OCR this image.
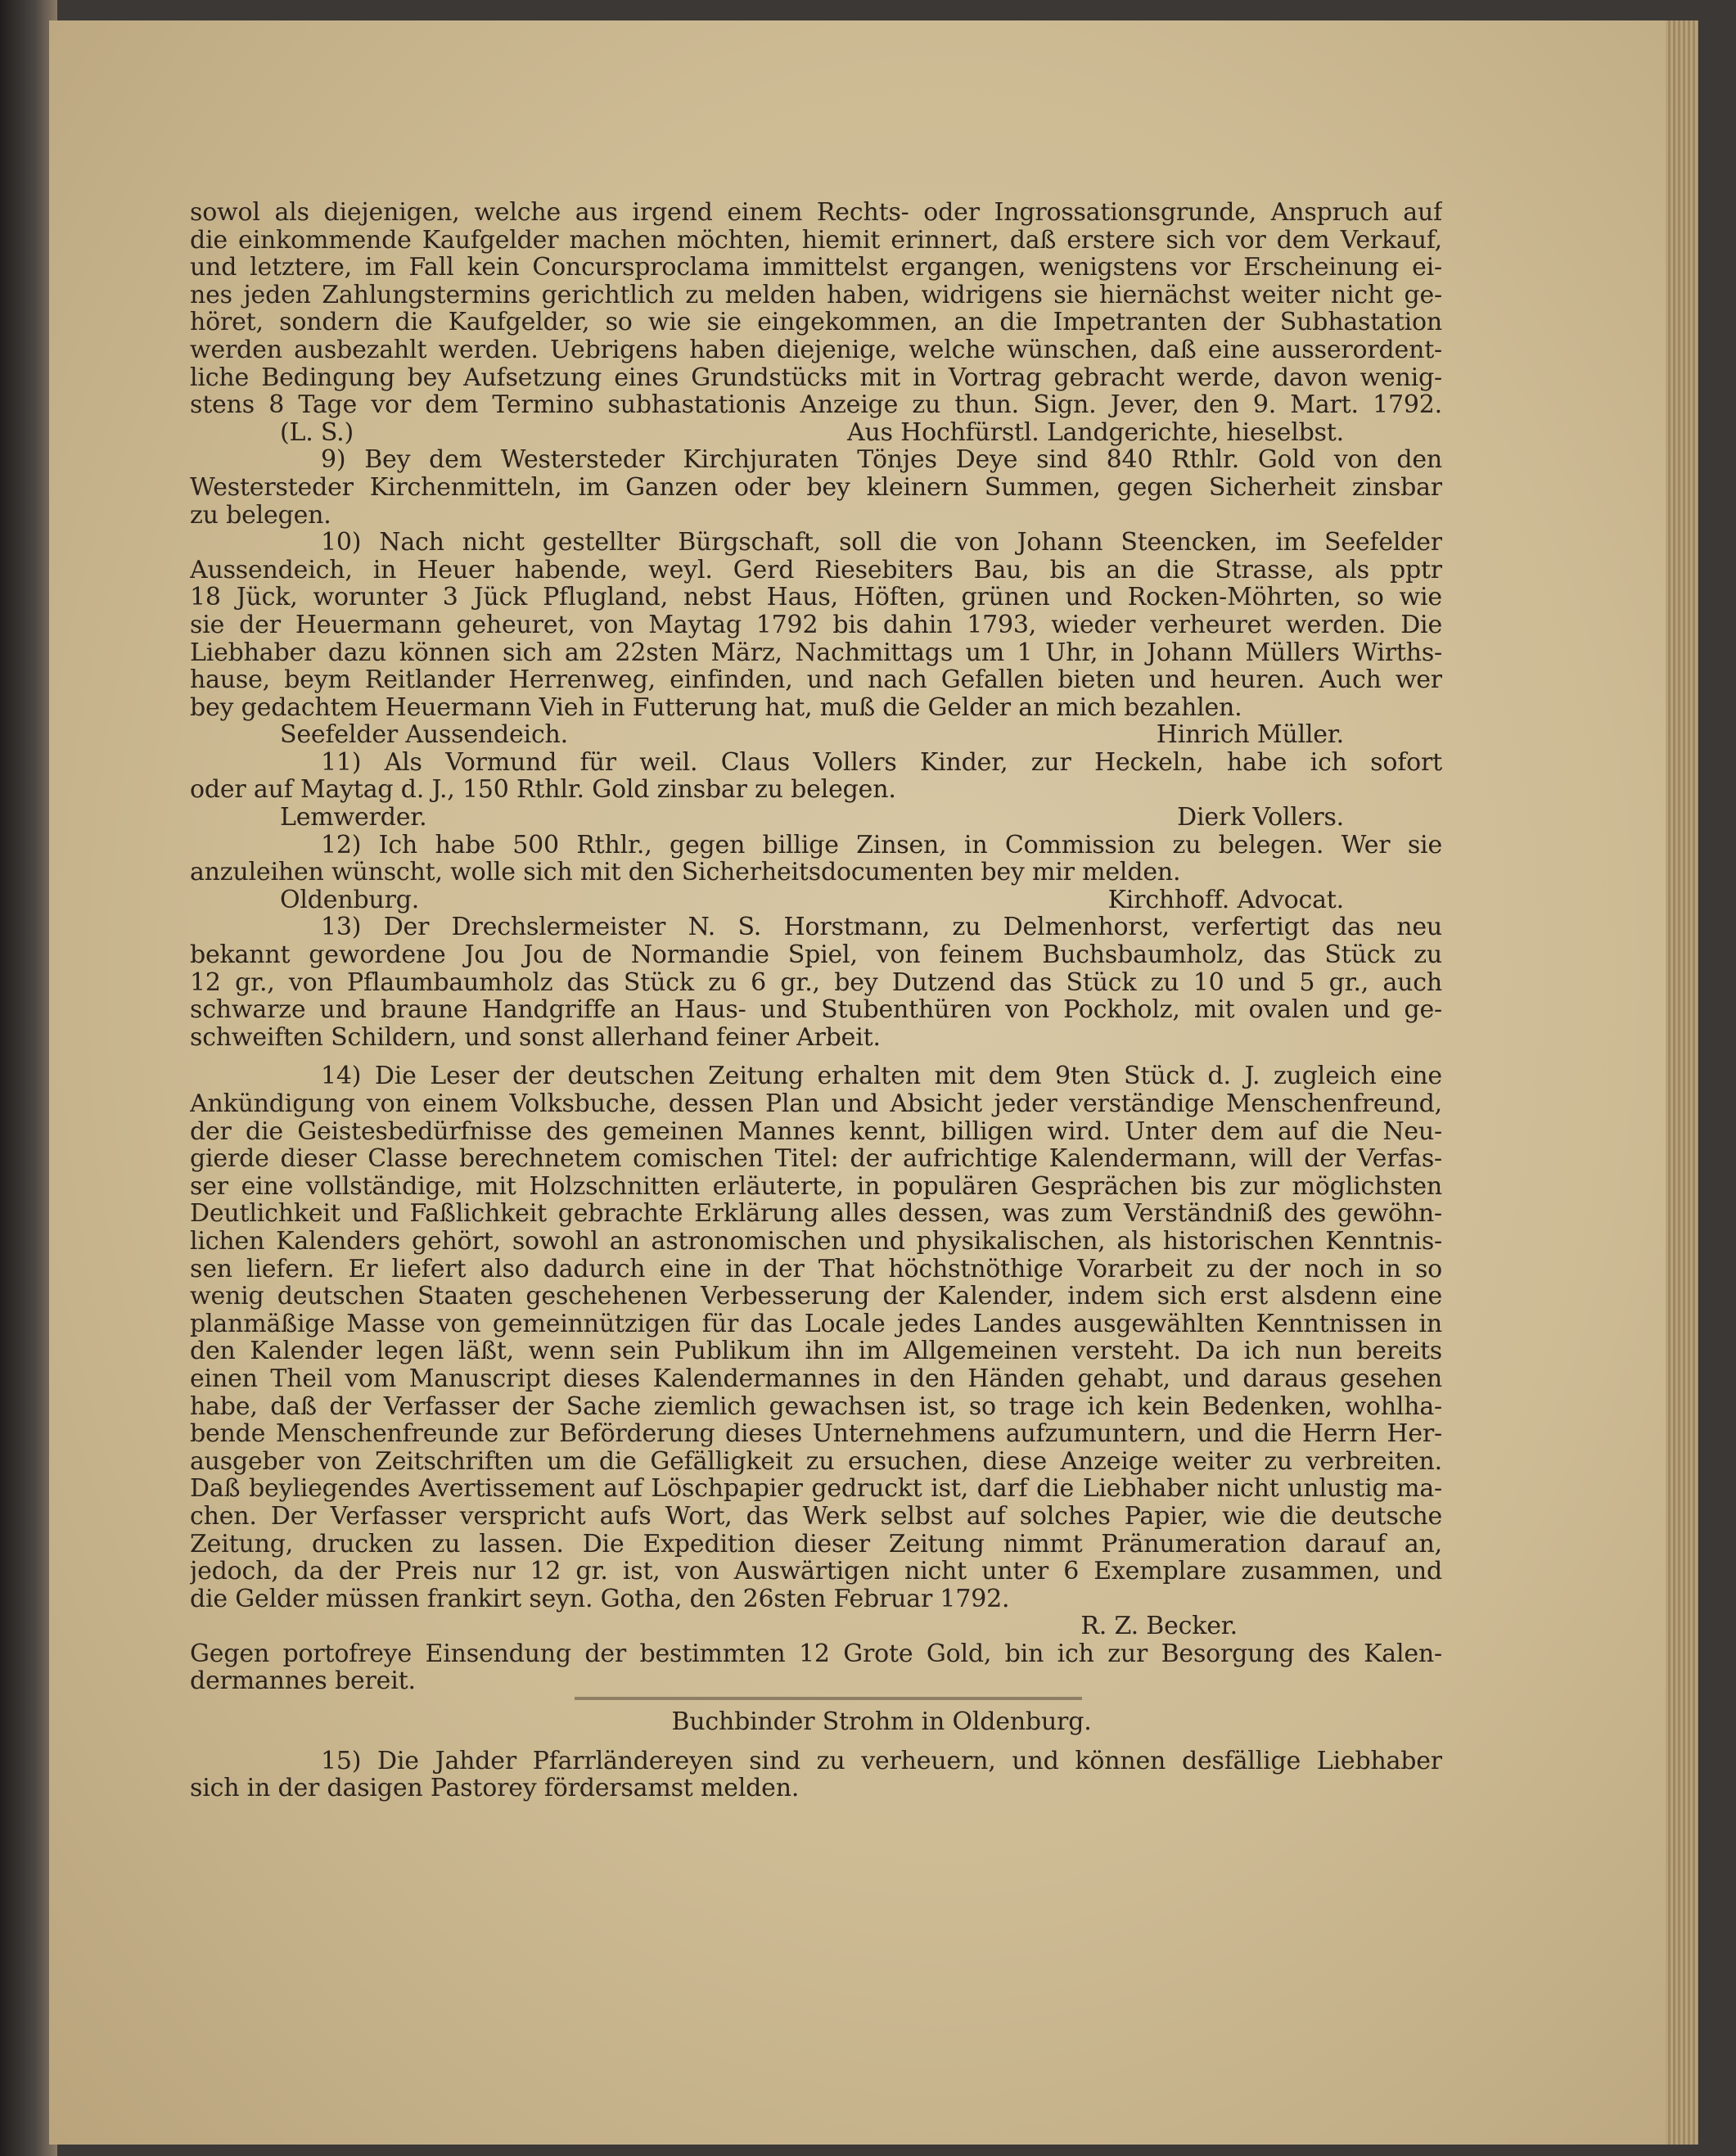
sowol als diejenigen, welche aus irgend einem Rechts- oder Ingrossationsgrunde, Anspruch auf
die einkommende Kaufgelder machen möchten, hiemit erinnert, daß erstere sich vor dem Verkauf,
und letztere, im Fall kein Concursproclama immittelst ergangen, wenigstens vor Erscheinung ei-
nes jeden Zahlungstermins gerichtlich zu melden haben, widrigens sie hiernächst weiter nicht ge-
höret, sondern die Kaufgelder, so wie sie eingekommen, an die Impetranten der Subhastation
werden ausbezahlt werden. Uebrigens haben diejenige, welche wünschen, daß eine ausserordent-
liche Bedingung bey Aufsetzung eines Grundstücks mit in Vortrag gebracht werde, davon wenig-
stens 8 Tage vor dem Termino subhastationis Anzeige zu thun. Sign. Jever, den 9. Mart. 1792.
(L. S.)	Aus Hochfürstl. Landgerichte, hieselbst.
9) Bey dem Westersteder Kirchjuraten Tönjes Deye sind 840 Rthlr. Gold von den
Westersteder Kirchenmitteln, im Ganzen oder bey kleinern Summen, gegen Sicherheit zinsbar
zu belegen.
10) Nach nicht gestellter Bürgschaft, soll die von Johann Steencken, im Seefelder
Aussendeich, in Heuer habende, weyl. Gerd Riesebiters Bau, bis an die Strasse, als pptr
18 Jück, worunter 3 Jück Pflugland, nebst Haus, Höften, grünen und Rocken-Möhrten, so wie
sie der Heuermann geheuret, von Maytag 1792 bis dahin 1793, wieder verheuret werden. Die
Liebhaber dazu können sich am 22sten März, Nachmittags um 1 Uhr, in Johann Müllers Wirths-
hause, beym Reitlander Herrenweg, einfinden, und nach Gefallen bieten und heuren. Auch wer
bey gedachtem Heuermann Vieh in Futterung hat, muß die Gelder an mich bezahlen.
Seefelder Aussendeich.	Hinrich Müller.
11) Als Vormund für weil. Claus Vollers Kinder, zur Heckeln, habe ich sofort
oder auf Maytag d. J., 150 Rthlr. Gold zinsbar zu belegen.
Lemwerder.	Dierk Vollers.
12) Ich habe 500 Rthlr., gegen billige Zinsen, in Commission zu belegen. Wer sie
anzuleihen wünscht, wolle sich mit den Sicherheitsdocumenten bey mir melden.
Oldenburg.	Kirchhoff. Advocat.
13) Der Drechslermeister N. S. Horstmann, zu Delmenhorst, verfertigt das neu
bekannt gewordene Jou Jou de Normandie Spiel, von feinem Buchsbaumholz, das Stück zu
12 gr., von Pflaumbaumholz das Stück zu 6 gr., bey Dutzend das Stück zu 10 und 5 gr., auch
schwarze und braune Handgriffe an Haus- und Stubenthüren von Pockholz, mit ovalen und ge-
schweiften Schildern, und sonst allerhand feiner Arbeit.
14) Die Leser der deutschen Zeitung erhalten mit dem 9ten Stück d. J. zugleich eine
Ankündigung von einem Volksbuche, dessen Plan und Absicht jeder verständige Menschenfreund,
der die Geistesbedürfnisse des gemeinen Mannes kennt, billigen wird. Unter dem auf die Neu-
gierde dieser Classe berechnetem comischen Titel: der aufrichtige Kalendermann, will der Verfas-
ser eine vollständige, mit Holzschnitten erläuterte, in populären Gesprächen bis zur möglichsten
Deutlichkeit und Faßlichkeit gebrachte Erklärung alles dessen, was zum Verständniß des gewöhn-
lichen Kalenders gehört, sowohl an astronomischen und physikalischen, als historischen Kenntnis-
sen liefern. Er liefert also dadurch eine in der That höchstnöthige Vorarbeit zu der noch in so
wenig deutschen Staaten geschehenen Verbesserung der Kalender, indem sich erst alsdenn eine
planmäßige Masse von gemeinnützigen für das Locale jedes Landes ausgewählten Kenntnissen in
den Kalender legen läßt, wenn sein Publikum ihn im Allgemeinen versteht. Da ich nun bereits
einen Theil vom Manuscript dieses Kalendermannes in den Händen gehabt, und daraus gesehen
habe, daß der Verfasser der Sache ziemlich gewachsen ist, so trage ich kein Bedenken, wohlha-
bende Menschenfreunde zur Beförderung dieses Unternehmens aufzumuntern, und die Herrn Her-
ausgeber von Zeitschriften um die Gefälligkeit zu ersuchen, diese Anzeige weiter zu verbreiten.
Daß beyliegendes Avertissement auf Löschpapier gedruckt ist, darf die Liebhaber nicht unlustig ma-
chen. Der Verfasser verspricht aufs Wort, das Werk selbst auf solches Papier, wie die deutsche
Zeitung, drucken zu lassen. Die Expedition dieser Zeitung nimmt Pränumeration darauf an,
jedoch, da der Preis nur 12 gr. ist, von Auswärtigen nicht unter 6 Exemplare zusammen, und
die Gelder müssen frankirt seyn. Gotha, den 26sten Februar 1792.
R. Z. Becker.
Gegen portofreye Einsendung der bestimmten 12 Grote Gold, bin ich zur Besorgung des Kalen-
dermannes bereit.
Buchbinder Strohm in Oldenburg.
15) Die Jahder Pfarrländereyen sind zu verheuern, und können desfällige Liebhaber
sich in der dasigen Pastorey fördersamst melden.
